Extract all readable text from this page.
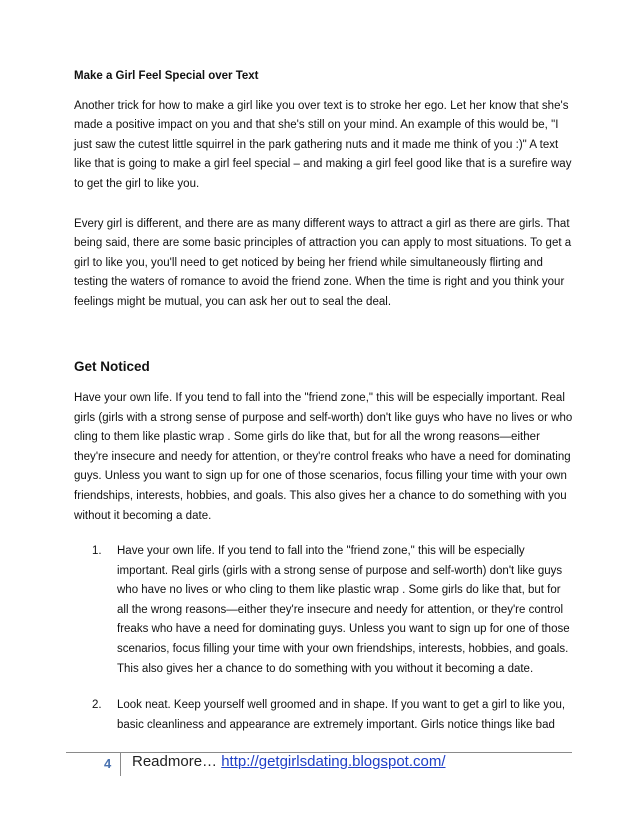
Make a Girl Feel Special over Text

Another trick for how to make a girl like you over text is to stroke her ego. Let her know that she's made a positive impact on you and that she's still on your mind. An example of this would be, "I just saw the cutest little squirrel in the park gathering nuts and it made me think of you :)" A text like that is going to make a girl feel special – and making a girl feel good like that is a surefire way to get the girl to like you.

Every girl is different, and there are as many different ways to attract a girl as there are girls. That being said, there are some basic principles of attraction you can apply to most situations. To get a girl to like you, you'll need to get noticed by being her friend while simultaneously flirting and testing the waters of romance to avoid the friend zone. When the time is right and you think your feelings might be mutual, you can ask her out to seal the deal.

Get Noticed

Have your own life. If you tend to fall into the "friend zone," this will be especially important. Real girls (girls with a strong sense of purpose and self-worth) don't like guys who have no lives or who cling to them like plastic wrap . Some girls do like that, but for all the wrong reasons—either they're insecure and needy for attention, or they're control freaks who have a need for dominating guys. Unless you want to sign up for one of those scenarios, focus filling your time with your own friendships, interests, hobbies, and goals. This also gives her a chance to do something with you without it becoming a date.

1. Have your own life. If you tend to fall into the "friend zone," this will be especially important. Real girls (girls with a strong sense of purpose and self-worth) don't like guys who have no lives or who cling to them like plastic wrap . Some girls do like that, but for all the wrong reasons—either they're insecure and needy for attention, or they're control freaks who have a need for dominating guys. Unless you want to sign up for one of those scenarios, focus filling your time with your own friendships, interests, hobbies, and goals. This also gives her a chance to do something with you without it becoming a date.
2. Look neat. Keep yourself well groomed and in shape. If you want to get a girl to like you, basic cleanliness and appearance are extremely important. Girls notice things like bad
4 Readmore… http://getgirlsdating.blogspot.com/
